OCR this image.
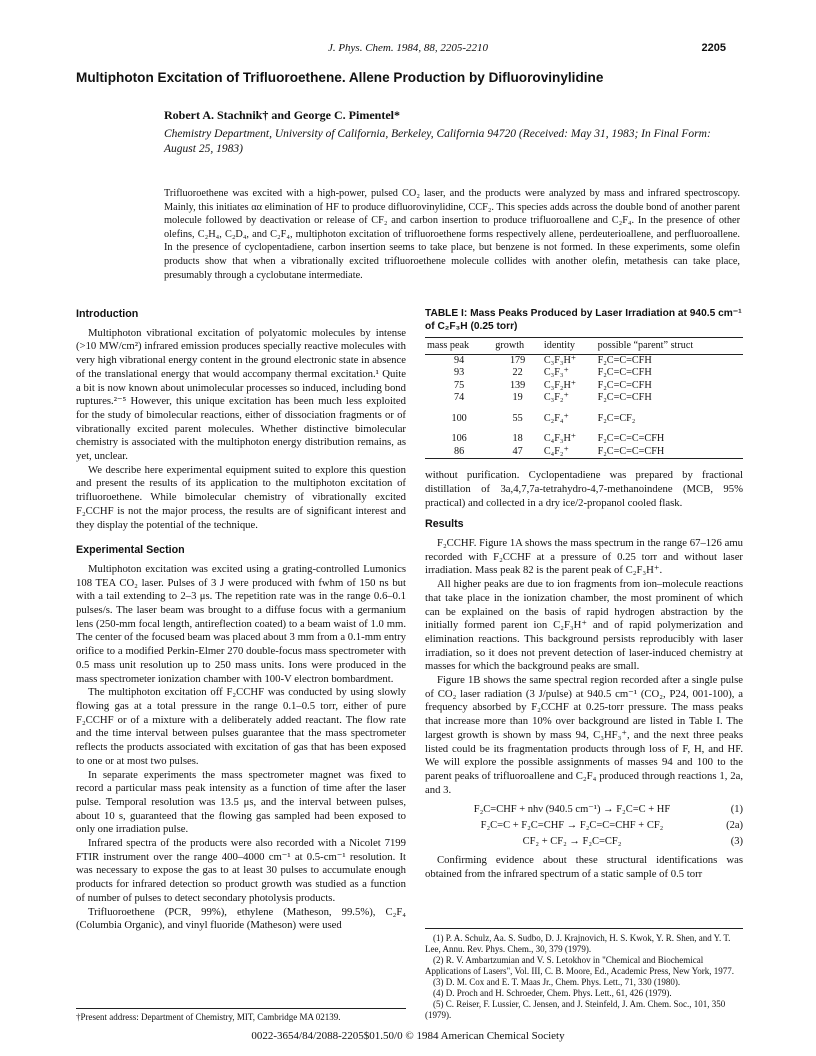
J. Phys. Chem. 1984, 88, 2205-2210	2205
Multiphoton Excitation of Trifluoroethene. Allene Production by Difluorovinylidine
Robert A. Stachnik† and George C. Pimentel*
Chemistry Department, University of California, Berkeley, California 94720 (Received: May 31, 1983; In Final Form: August 25, 1983)
Trifluoroethene was excited with a high-power, pulsed CO₂ laser, and the products were analyzed by mass and infrared spectroscopy. Mainly, this initiates αα elimination of HF to produce difluorovinylidine, CCF₂. This species adds across the double bond of another parent molecule followed by deactivation or release of CF₂ and carbon insertion to produce trifluoroallene and C₂F₄. In the presence of other olefins, C₂H₄, C₂D₄, and C₂F₄, multiphoton excitation of trifluoroethene forms respectively allene, perdeuterioallene, and perfluoroallene. In the presence of cyclopentadiene, carbon insertion seems to take place, but benzene is not formed. In these experiments, some olefin products show that when a vibrationally excited trifluoroethene molecule collides with another olefin, metathesis can take place, presumably through a cyclobutane intermediate.
Introduction

Multiphoton vibrational excitation of polyatomic molecules by intense (>10 MW/cm²) infrared emission produces specially reactive molecules with very high vibrational energy content in the ground electronic state in absence of the translational energy that would accompany thermal excitation.¹ Quite a bit is now known about unimolecular processes so induced, including bond ruptures.²⁻⁵ However, this unique excitation has been much less exploited for the study of bimolecular reactions, either of dissociation fragments or of vibrationally excited parent molecules. Whether distinctive bimolecular chemistry is associated with the multiphoton energy distribution remains, as yet, unclear.

We describe here experimental equipment suited to explore this question and present the results of its application to the multiphoton excitation of trifluoroethene. While bimolecular chemistry of vibrationally excited F₂CCHF is not the major process, the results are of significant interest and they display the potential of the technique.

Experimental Section

Multiphoton excitation was excited using a grating-controlled Lumonics 108 TEA CO₂ laser. Pulses of 3 J were produced with fwhm of 150 ns but with a tail extending to 2–3 μs. The repetition rate was in the range 0.6–0.1 pulses/s. The laser beam was brought to a diffuse focus with a germanium lens (250-mm focal length, antireflection coated) to a beam waist of 1.0 mm. The center of the focused beam was placed about 3 mm from a 0.1-mm entry orifice to a modified Perkin-Elmer 270 double-focus mass spectrometer with 0.5 mass unit resolution up to 250 mass units. Ions were produced in the mass spectrometer ionization chamber with 100-V electron bombardment.

The multiphoton excitation off F₂CCHF was conducted by using slowly flowing gas at a total pressure in the range 0.1–0.5 torr, either of pure F₂CCHF or of a mixture with a deliberately added reactant. The flow rate and the time interval between pulses guarantee that the mass spectrometer reflects the products associated with excitation of gas that has been exposed to one or at most two pulses.

In separate experiments the mass spectrometer magnet was fixed to record a particular mass peak intensity as a function of time after the laser pulse. Temporal resolution was 13.5 μs, and the interval between pulses, about 10 s, guaranteed that the flowing gas sampled had been exposed to only one irradiation pulse.

Infrared spectra of the products were also recorded with a Nicolet 7199 FTIR instrument over the range 400–4000 cm⁻¹ at 0.5-cm⁻¹ resolution. It was necessary to expose the gas to at least 30 pulses to accumulate enough products for infrared detection so product growth was studied as a function of number of pulses to detect secondary photolysis products.

Trifluoroethene (PCR, 99%), ethylene (Matheson, 99.5%), C₂F₄ (Columbia Organic), and vinyl fluoride (Matheson) were used

†Present address: Department of Chemistry, MIT, Cambridge MA 02139.
TABLE I: Mass Peaks Produced by Laser Irradiation at 940.5 cm⁻¹ of C₂F₃H (0.25 torr)
mass peak	growth	identity	possible “parent” struct
94	179	C₃F₃H⁺	F₂C=C=CFH
93	22	C₃F₃⁺	F₂C=C=CFH
75	139	C₃F₂H⁺	F₂C=C=CFH
74	19	C₃F₂⁺	F₂C=C=CFH
100	55	C₂F₄⁺	F₂C=CF₂
106	18	C₄F₃H⁺	F₂C=C=C=CFH
86	47	C₄F₂⁺	F₂C=C=C=CFH

without purification. Cyclopentadiene was prepared by fractional distillation of 3a,4,7,7a-tetrahydro-4,7-methanoindene (MCB, 95% practical) and collected in a dry ice/2-propanol cooled flask.

Results

F₂CCHF. Figure 1A shows the mass spectrum in the range 67–126 amu recorded with F₂CCHF at a pressure of 0.25 torr and without laser irradiation. Mass peak 82 is the parent peak of C₂F₃H⁺.

All higher peaks are due to ion fragments from ion–molecule reactions that take place in the ionization chamber, the most prominent of which can be explained on the basis of rapid hydrogen abstraction by the initially formed parent ion C₂F₃H⁺ and of rapid polymerization and elimination reactions. This background persists reproducibly with laser irradiation, so it does not prevent detection of laser-induced chemistry at masses for which the background peaks are small.

Figure 1B shows the same spectral region recorded after a single pulse of CO₂ laser radiation (3 J/pulse) at 940.5 cm⁻¹ (CO₂, P24, 001-100), a frequency absorbed by F₂CCHF at 0.25-torr pressure. The mass peaks that increase more than 10% over background are listed in Table I. The largest growth is shown by mass 94, C₃HF₃⁺, and the next three peaks listed could be its fragmentation products through loss of F, H, and HF. We will explore the possible assignments of masses 94 and 100 to the parent peaks of trifluoroallene and C₂F₄ produced through reactions 1, 2a, and 3.

F₂C=CHF + nhν (940.5 cm⁻¹) → F₂C=C + HF	(1)
F₂C=C + F₂C=CHF → F₂C=C=CHF + CF₂	(2a)
CF₂ + CF₂ → F₂C=CF₂	(3)

Confirming evidence about these structural identifications was obtained from the infrared spectrum of a static sample of 0.5 torr

(1) P. A. Schulz, Aa. S. Sudbo, D. J. Krajnovich, H. S. Kwok, Y. R. Shen, and Y. T. Lee, Annu. Rev. Phys. Chem., 30, 379 (1979).
(2) R. V. Ambartzumian and V. S. Letokhov in "Chemical and Biochemical Applications of Lasers", Vol. III, C. B. Moore, Ed., Academic Press, New York, 1977.
(3) D. M. Cox and E. T. Maas Jr., Chem. Phys. Lett., 71, 330 (1980).
(4) D. Proch and H. Schroeder, Chem. Phys. Lett., 61, 426 (1979).
(5) C. Reiser, F. Lussier, C. Jensen, and J. Steinfeld, J. Am. Chem. Soc., 101, 350 (1979).
0022-3654/84/2088-2205$01.50/0 © 1984 American Chemical Society
